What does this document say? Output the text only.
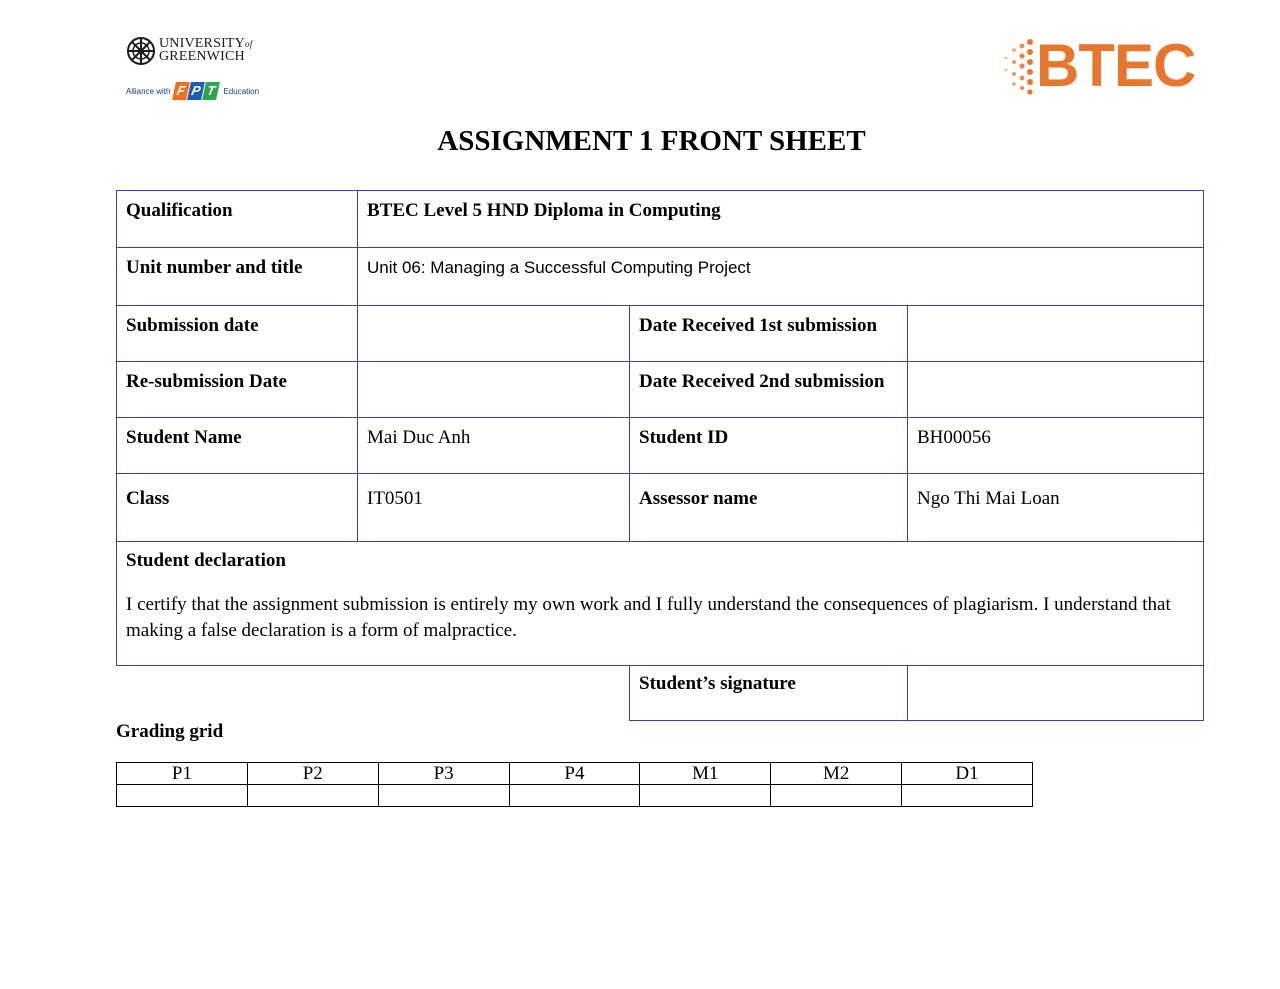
UNIVERSITYof
GREENWICH
Alliance with F P T Education	BTEC
ASSIGNMENT 1 FRONT SHEET
Qualification	BTEC Level 5 HND Diploma in Computing		
Unit number and title	Unit 06: Managing a Successful Computing Project		
Submission date		Date Received 1st submission	
Re-submission Date		Date Received 2nd submission	
Student Name	Mai Duc Anh	Student ID	BH00056
Class	IT0501	Assessor name	Ngo Thi Mai Loan

Student declaration

I certify that the assignment submission is entirely my own work and I fully understand the consequences of plagiarism. I understand that making a false declaration is a form of malpractice.			

		Student’s signature	
Grading grid
P1	P2	P3	P4	M1	M2	D1
